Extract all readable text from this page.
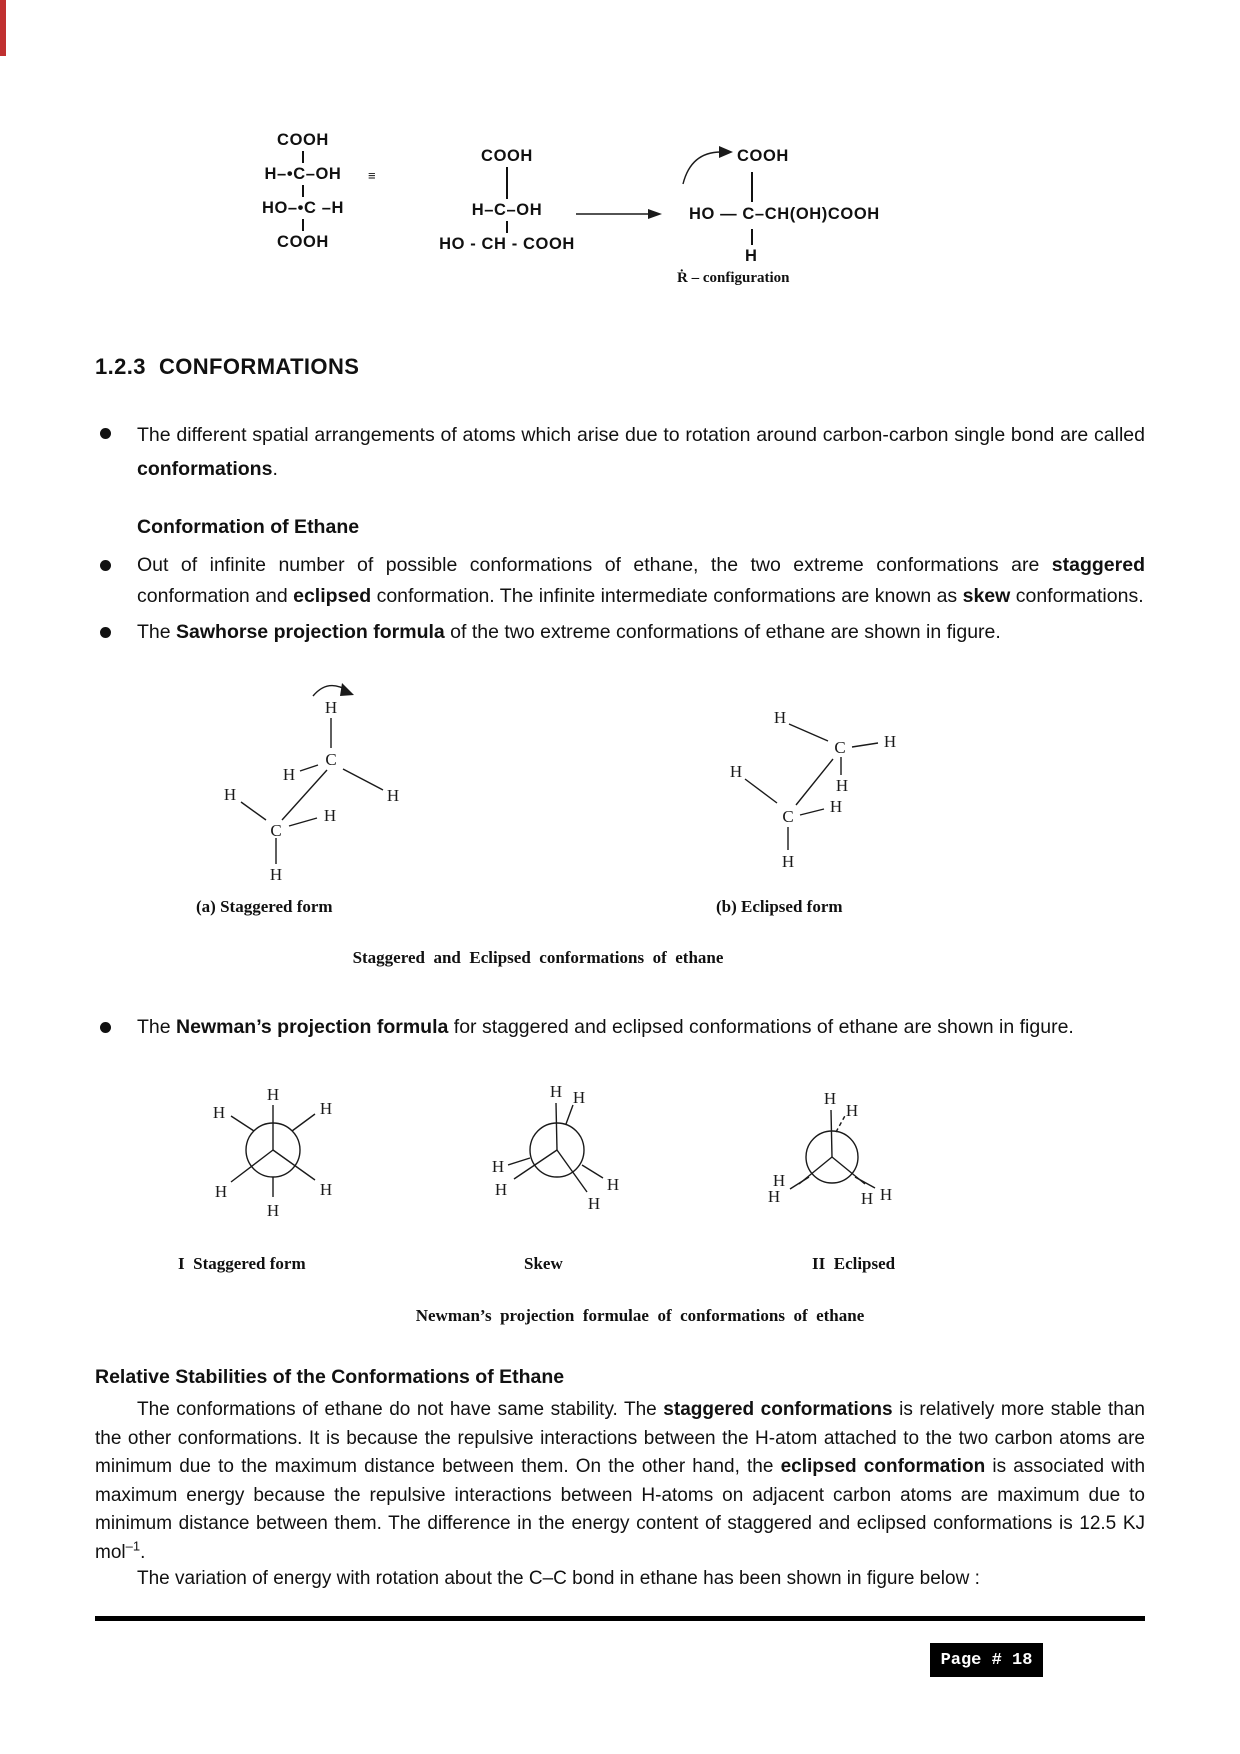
COOH
H–•C–OH
HO–•C –H
COOH
≡
COOH
H–C–OH
HO - CH - COOH
COOH
HO — C–CH(OH)COOH
H
Ṙ – configuration
1.2.3 CONFORMATIONS
The different spatial arrangements of atoms which arise due to rotation around carbon-carbon single bond are called conformations.
Conformation of Ethane
Out of infinite number of possible conformations of ethane, the two extreme conformations are staggered conformation and eclipsed conformation. The infinite intermediate conformations are known as skew conformations.
The Sawhorse projection formula of the two extreme conformations of ethane are shown in figure.
H
C
H
H
C
H
H
H
H
C H
H
H
C
H
H
(a) Staggered form	(b) Eclipsed form
Staggered  and  Eclipsed  conformations  of  ethane
The Newman’s projection formula for staggered and eclipsed conformations of ethane are shown in figure.
H
H	H
H	H
H
H H
H
H	H
H
H
H
H
H	H H
I  Staggered form	Skew	II  Eclipsed
Newman’s  projection  formulae  of  conformations  of  ethane
Relative Stabilities of the Conformations of Ethane
The conformations of ethane do not have same stability. The staggered conformations is relatively more stable than the other conformations. It is because the repulsive interactions between the H-atom attached to the two carbon atoms are minimum due to the maximum distance between them. On the other hand, the eclipsed conformation is associated with maximum energy because the repulsive interactions between H-atoms on adjacent carbon atoms are maximum due to minimum distance between them. The difference in the energy content of staggered and eclipsed conformations is 12.5 KJ mol$^{-1}$.
The variation of energy with rotation about the C–C bond in ethane has been shown in figure below :
Page # 18
